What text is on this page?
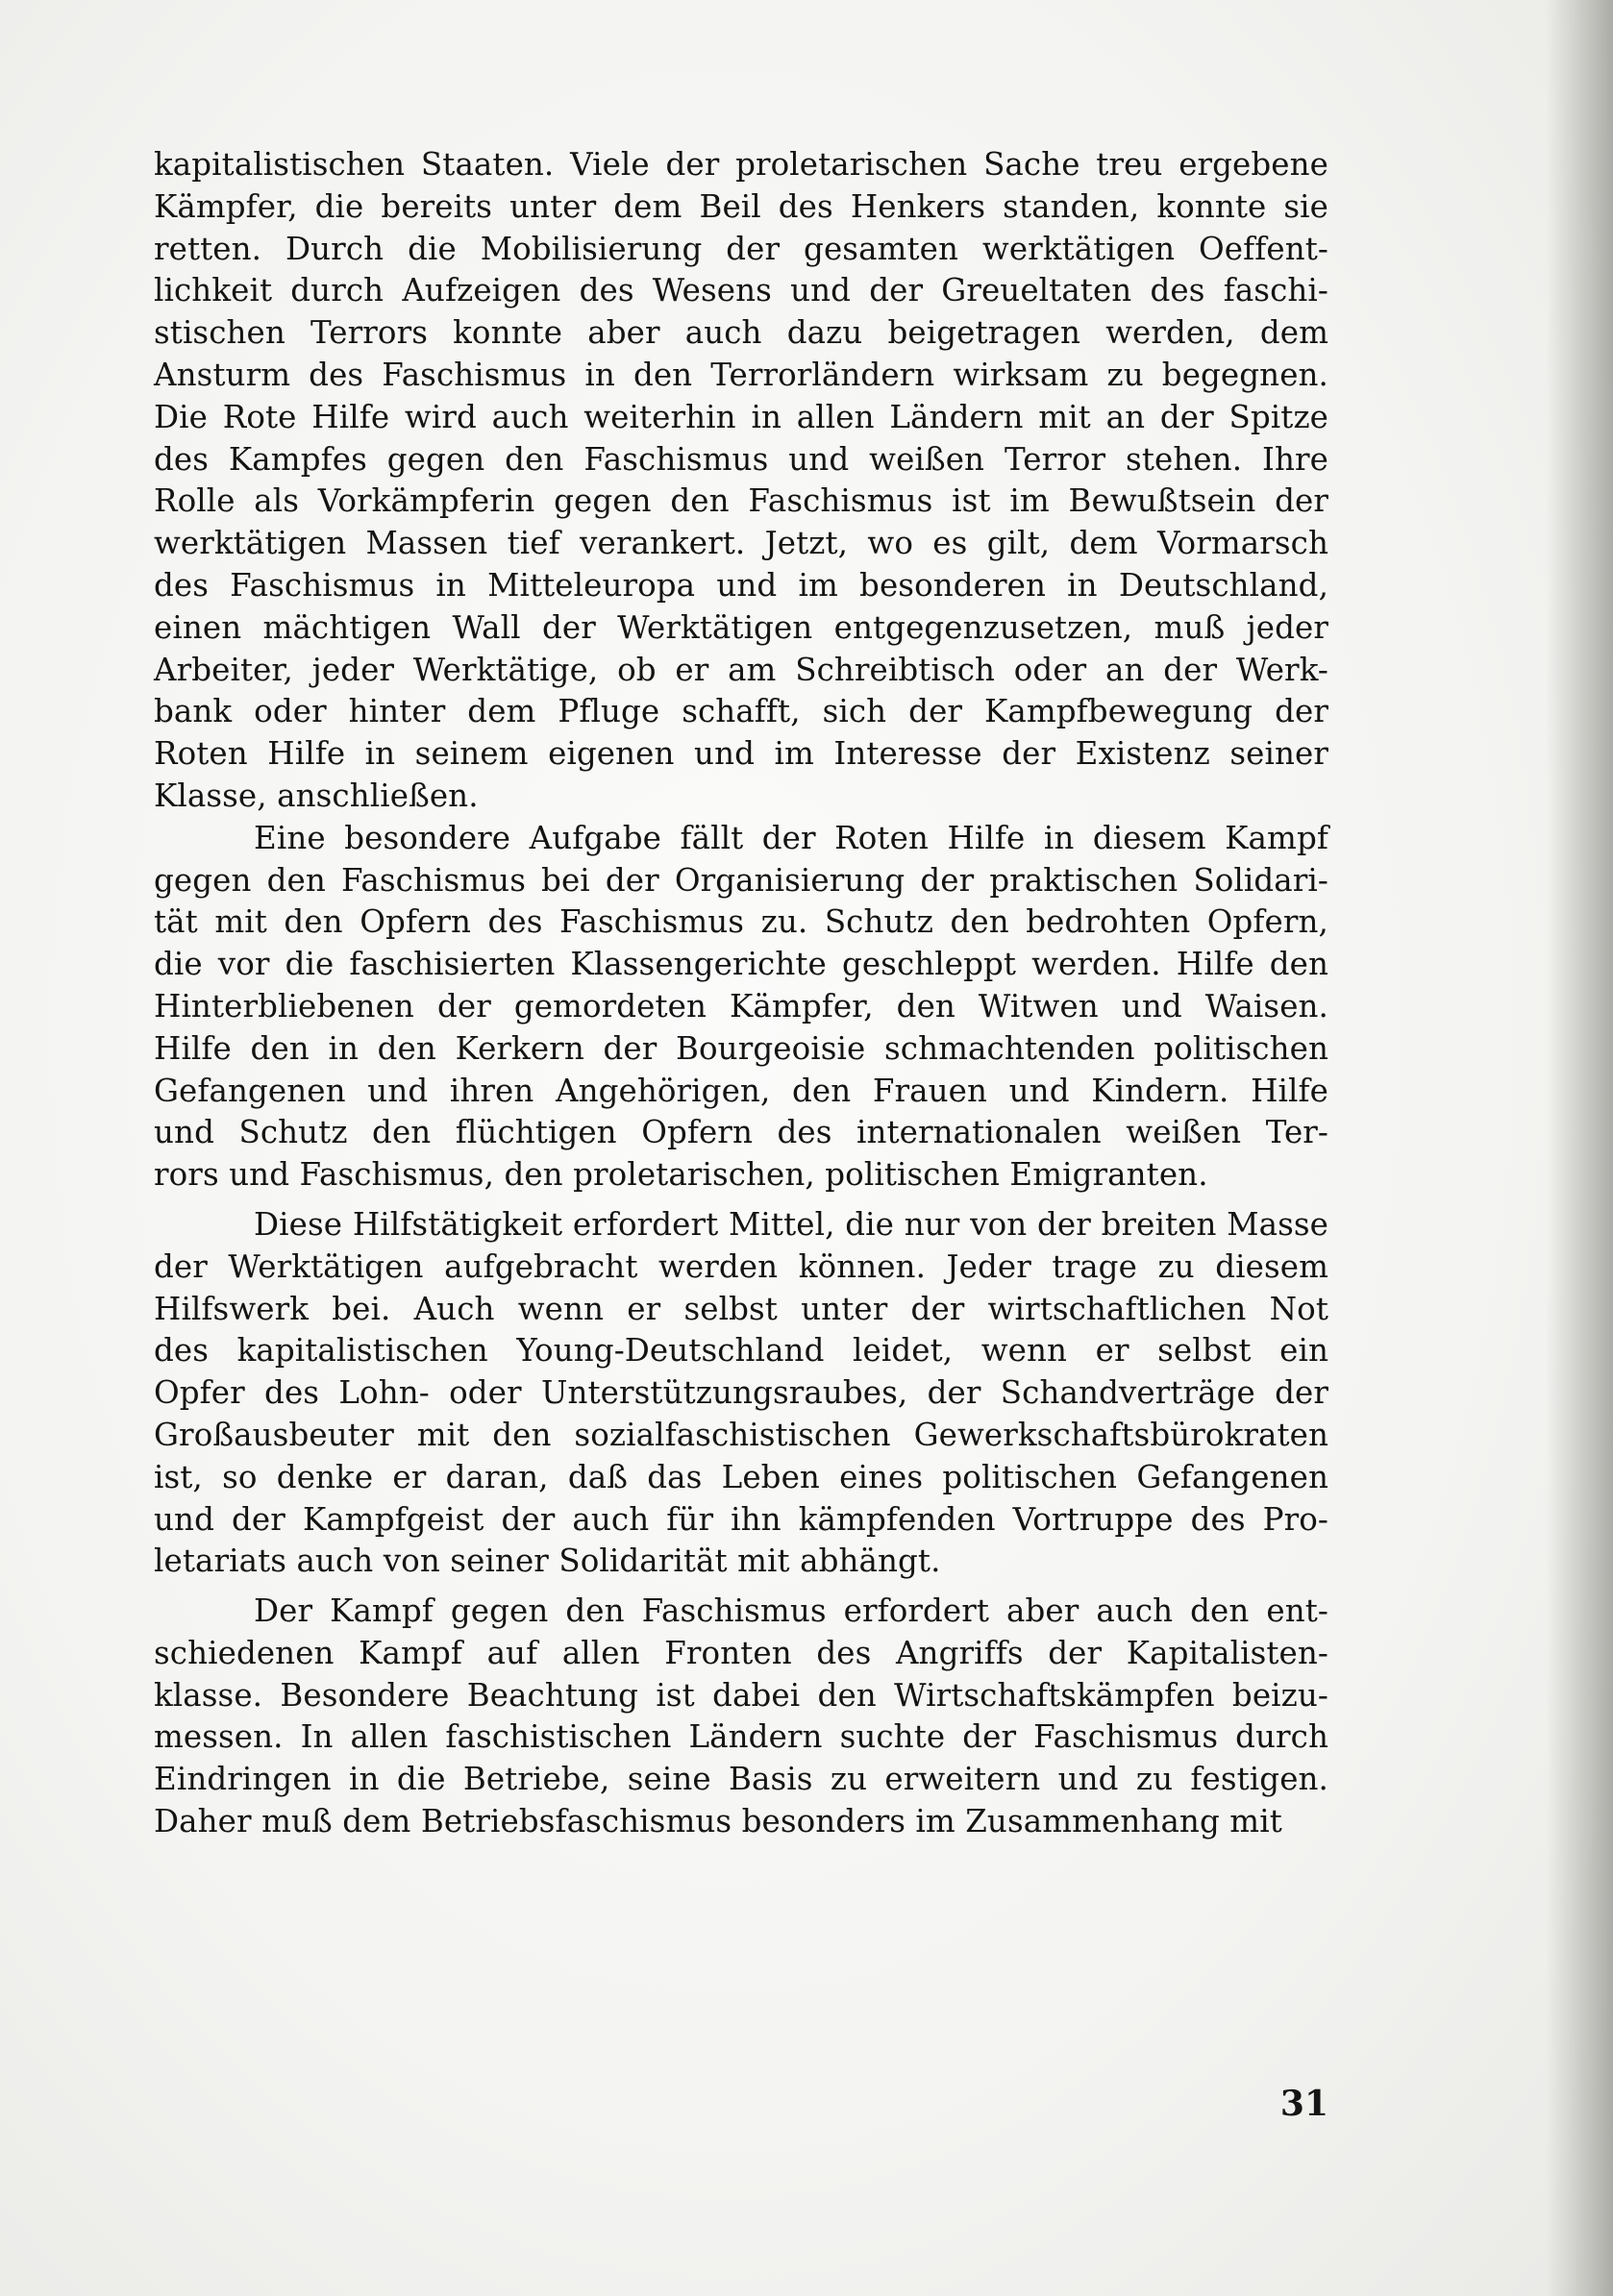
kapitalistischen Staaten. Viele der proletarischen Sache treu ergebene
Kämpfer, die bereits unter dem Beil des Henkers standen, konnte sie
retten. Durch die Mobilisierung der gesamten werktätigen Oeffent-
lichkeit durch Aufzeigen des Wesens und der Greueltaten des faschi-
stischen Terrors konnte aber auch dazu beigetragen werden, dem
Ansturm des Faschismus in den Terrorländern wirksam zu begegnen.
Die Rote Hilfe wird auch weiterhin in allen Ländern mit an der Spitze
des Kampfes gegen den Faschismus und weißen Terror stehen. Ihre
Rolle als Vorkämpferin gegen den Faschismus ist im Bewußtsein der
werktätigen Massen tief verankert. Jetzt, wo es gilt, dem Vormarsch
des Faschismus in Mitteleuropa und im besonderen in Deutschland,
einen mächtigen Wall der Werktätigen entgegenzusetzen, muß jeder
Arbeiter, jeder Werktätige, ob er am Schreibtisch oder an der Werk-
bank oder hinter dem Pfluge schafft, sich der Kampfbewegung der
Roten Hilfe in seinem eigenen und im Interesse der Existenz seiner
Klasse, anschließen.
Eine besondere Aufgabe fällt der Roten Hilfe in diesem Kampf
gegen den Faschismus bei der Organisierung der praktischen Solidari-
tät mit den Opfern des Faschismus zu. Schutz den bedrohten Opfern,
die vor die faschisierten Klassengerichte geschleppt werden. Hilfe den
Hinterbliebenen der gemordeten Kämpfer, den Witwen und Waisen.
Hilfe den in den Kerkern der Bourgeoisie schmachtenden politischen
Gefangenen und ihren Angehörigen, den Frauen und Kindern. Hilfe
und Schutz den flüchtigen Opfern des internationalen weißen Ter-
rors und Faschismus, den proletarischen, politischen Emigranten.
Diese Hilfstätigkeit erfordert Mittel, die nur von der breiten Masse
der Werktätigen aufgebracht werden können. Jeder trage zu diesem
Hilfswerk bei. Auch wenn er selbst unter der wirtschaftlichen Not
des kapitalistischen Young-Deutschland leidet, wenn er selbst ein
Opfer des Lohn- oder Unterstützungsraubes, der Schandverträge der
Großausbeuter mit den sozialfaschistischen Gewerkschaftsbürokraten
ist, so denke er daran, daß das Leben eines politischen Gefangenen
und der Kampfgeist der auch für ihn kämpfenden Vortruppe des Pro-
letariats auch von seiner Solidarität mit abhängt.
Der Kampf gegen den Faschismus erfordert aber auch den ent-
schiedenen Kampf auf allen Fronten des Angriffs der Kapitalisten-
klasse. Besondere Beachtung ist dabei den Wirtschaftskämpfen beizu-
messen. In allen faschistischen Ländern suchte der Faschismus durch
Eindringen in die Betriebe, seine Basis zu erweitern und zu festigen.
Daher muß dem Betriebsfaschismus besonders im Zusammenhang mit
31
